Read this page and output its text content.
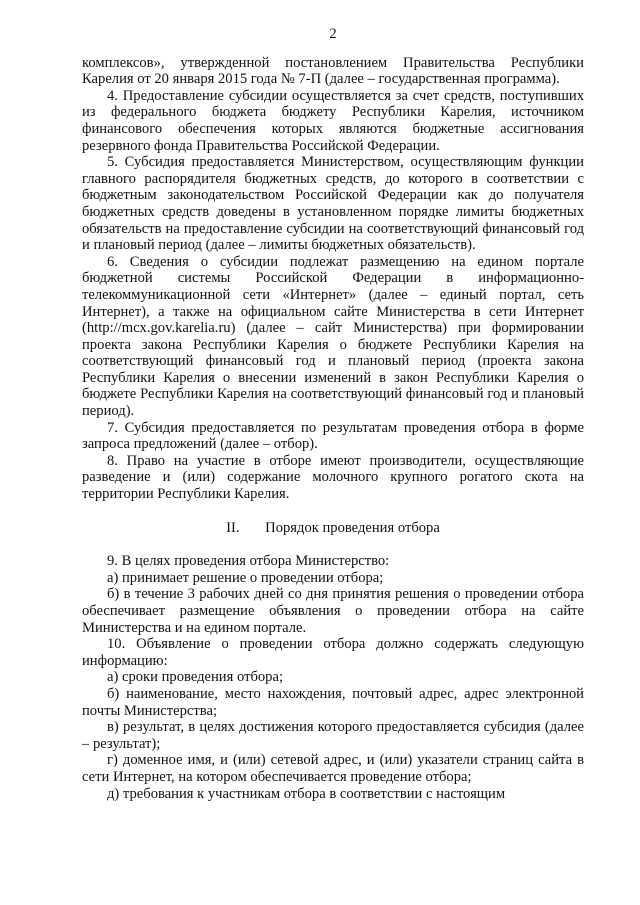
2

комплексов», утвержденной постановлением Правительства Республики Карелия от 20 января 2015 года № 7-П (далее – государственная программа).

4. Предоставление субсидии осуществляется за счет средств, поступивших из федерального бюджета бюджету Республики Карелия, источником финансового обеспечения которых являются бюджетные ассигнования резервного фонда Правительства Российской Федерации.

5. Субсидия предоставляется Министерством, осуществляющим функции главного распорядителя бюджетных средств, до которого в соответствии с бюджетным законодательством Российской Федерации как до получателя бюджетных средств доведены в установленном порядке лимиты бюджетных обязательств на предоставление субсидии на соответствующий финансовый год и плановый период (далее – лимиты бюджетных обязательств).

6. Сведения о субсидии подлежат размещению на едином портале бюджетной системы Российской Федерации в информационно-телекоммуникационной сети «Интернет» (далее – единый портал, сеть Интернет), а также на официальном сайте Министерства в сети Интернет (http://mcx.gov.karelia.ru) (далее – сайт Министерства) при формировании проекта закона Республики Карелия о бюджете Республики Карелия на соответствующий финансовый год и плановый период (проекта закона Республики Карелия о внесении изменений в закон Республики Карелия о бюджете Республики Карелия на соответствующий финансовый год и плановый период).

7. Субсидия предоставляется по результатам проведения отбора в форме запроса предложений (далее – отбор).

8. Право на участие в отборе имеют производители, осуществляющие разведение и (или) содержание молочного крупного рогатого скота на территории Республики Карелия.

II. Порядок проведения отбора

9. В целях проведения отбора Министерство:

а) принимает решение о проведении отбора;

б) в течение 3 рабочих дней со дня принятия решения о проведении отбора обеспечивает размещение объявления о проведении отбора на сайте Министерства и на едином портале.

10. Объявление о проведении отбора должно содержать следующую информацию:

а) сроки проведения отбора;

б) наименование, место нахождения, почтовый адрес, адрес электронной почты Министерства;

в) результат, в целях достижения которого предоставляется субсидия (далее – результат);

г) доменное имя, и (или) сетевой адрес, и (или) указатели страниц сайта в сети Интернет, на котором обеспечивается проведение отбора;

д) требования к участникам отбора в соответствии с настоящим
